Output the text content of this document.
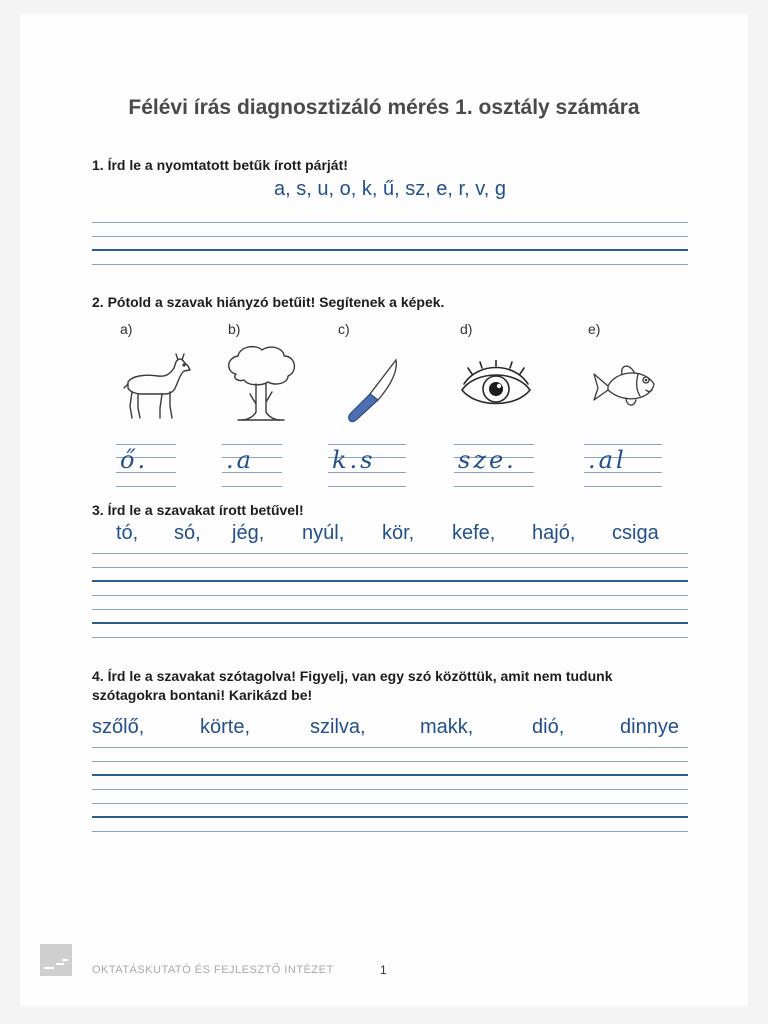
Félévi írás diagnosztizáló mérés 1. osztály számára
1. Írd le a nyomtatott betűk írott párját!
a, s, u, o, k, ű, sz, e, r, v, g
2. Pótold a szavak hiányzó betűit! Segítenek a képek.
a)	b)	c)	d)	e)
ő.	.a	k.s	sze.	.al
3. Írd le a szavakat írott betűvel!
tó, só, jég, nyúl, kör, kefe, hajó, csiga
4. Írd le a szavakat szótagolva! Figyelj, van egy szó közöttük, amit nem tudunk
szótagokra bontani! Karikázd be!
szőlő,	körte,	szilva,	makk,	dió,	dinnye
OKTATÁSKUTATÓ ÉS FEJLESZTŐ INTÉZET	1
